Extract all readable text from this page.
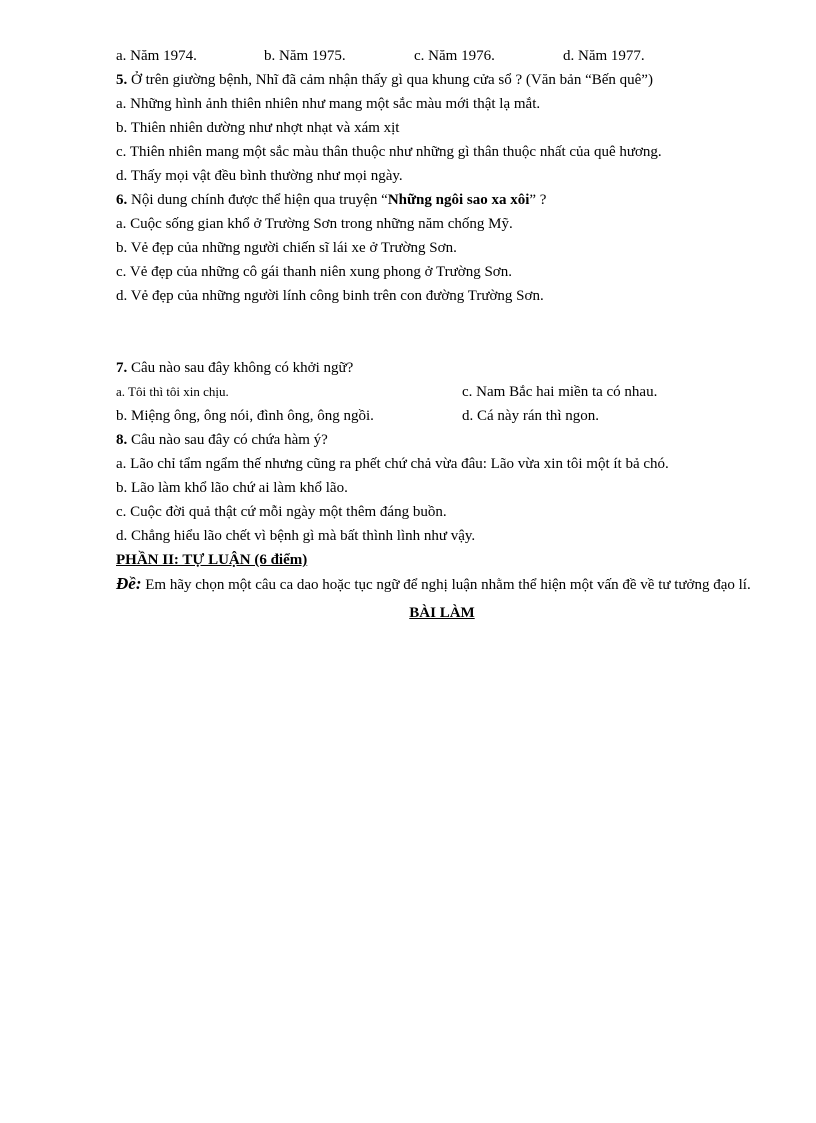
a. Năm 1974.	b. Năm 1975.	c. Năm 1976.	d. Năm 1977.
5. Ở trên giường bệnh, Nhĩ đã cảm nhận thấy gì qua khung cửa sổ ? (Văn bản “Bến quê”)
a. Những hình ảnh thiên nhiên như mang một sắc màu mới thật lạ mắt.
b. Thiên nhiên dường như nhợt nhạt và xám xịt
c. Thiên nhiên mang một sắc màu thân thuộc như những gì thân thuộc nhất của quê hương.
d. Thấy mọi vật đều bình thường như mọi ngày.
6. Nội dung chính được thể hiện qua truyện “Những ngôi sao xa xôi” ?
a. Cuộc sống gian khổ ở Trường Sơn trong những năm chống Mỹ.
b. Vẻ đẹp của những người chiến sĩ lái xe ở Trường Sơn.
c. Vẻ đẹp của những cô gái thanh niên xung phong ở Trường Sơn.
d. Vẻ đẹp của những người lính công binh trên con đường Trường Sơn.
7. Câu nào sau đây không có khởi ngữ?
a. Tôi thì tôi xin chịu.	c. Nam Bắc hai miền ta có nhau.
b. Miệng ông, ông nói, đình ông, ông ngồi.	d. Cá này rán thì ngon.
8. Câu nào sau đây có chứa hàm ý?
a. Lão chỉ tẩm ngẩm thế nhưng cũng ra phết chứ chả vừa đâu: Lão vừa xin tôi một ít bả chó.
b. Lão làm khổ lão chứ ai làm khổ lão.
c. Cuộc đời quả thật cứ mỗi ngày một thêm đáng buồn.
d. Chẳng hiểu lão chết vì bệnh gì mà bất thình lình như vậy.
PHẦN II: TỰ LUẬN (6 điểm)
Đề: Em hãy chọn một câu ca dao hoặc tục ngữ để nghị luận nhằm thể hiện một vấn đề về tư tưởng đạo lí.
BÀI LÀM
